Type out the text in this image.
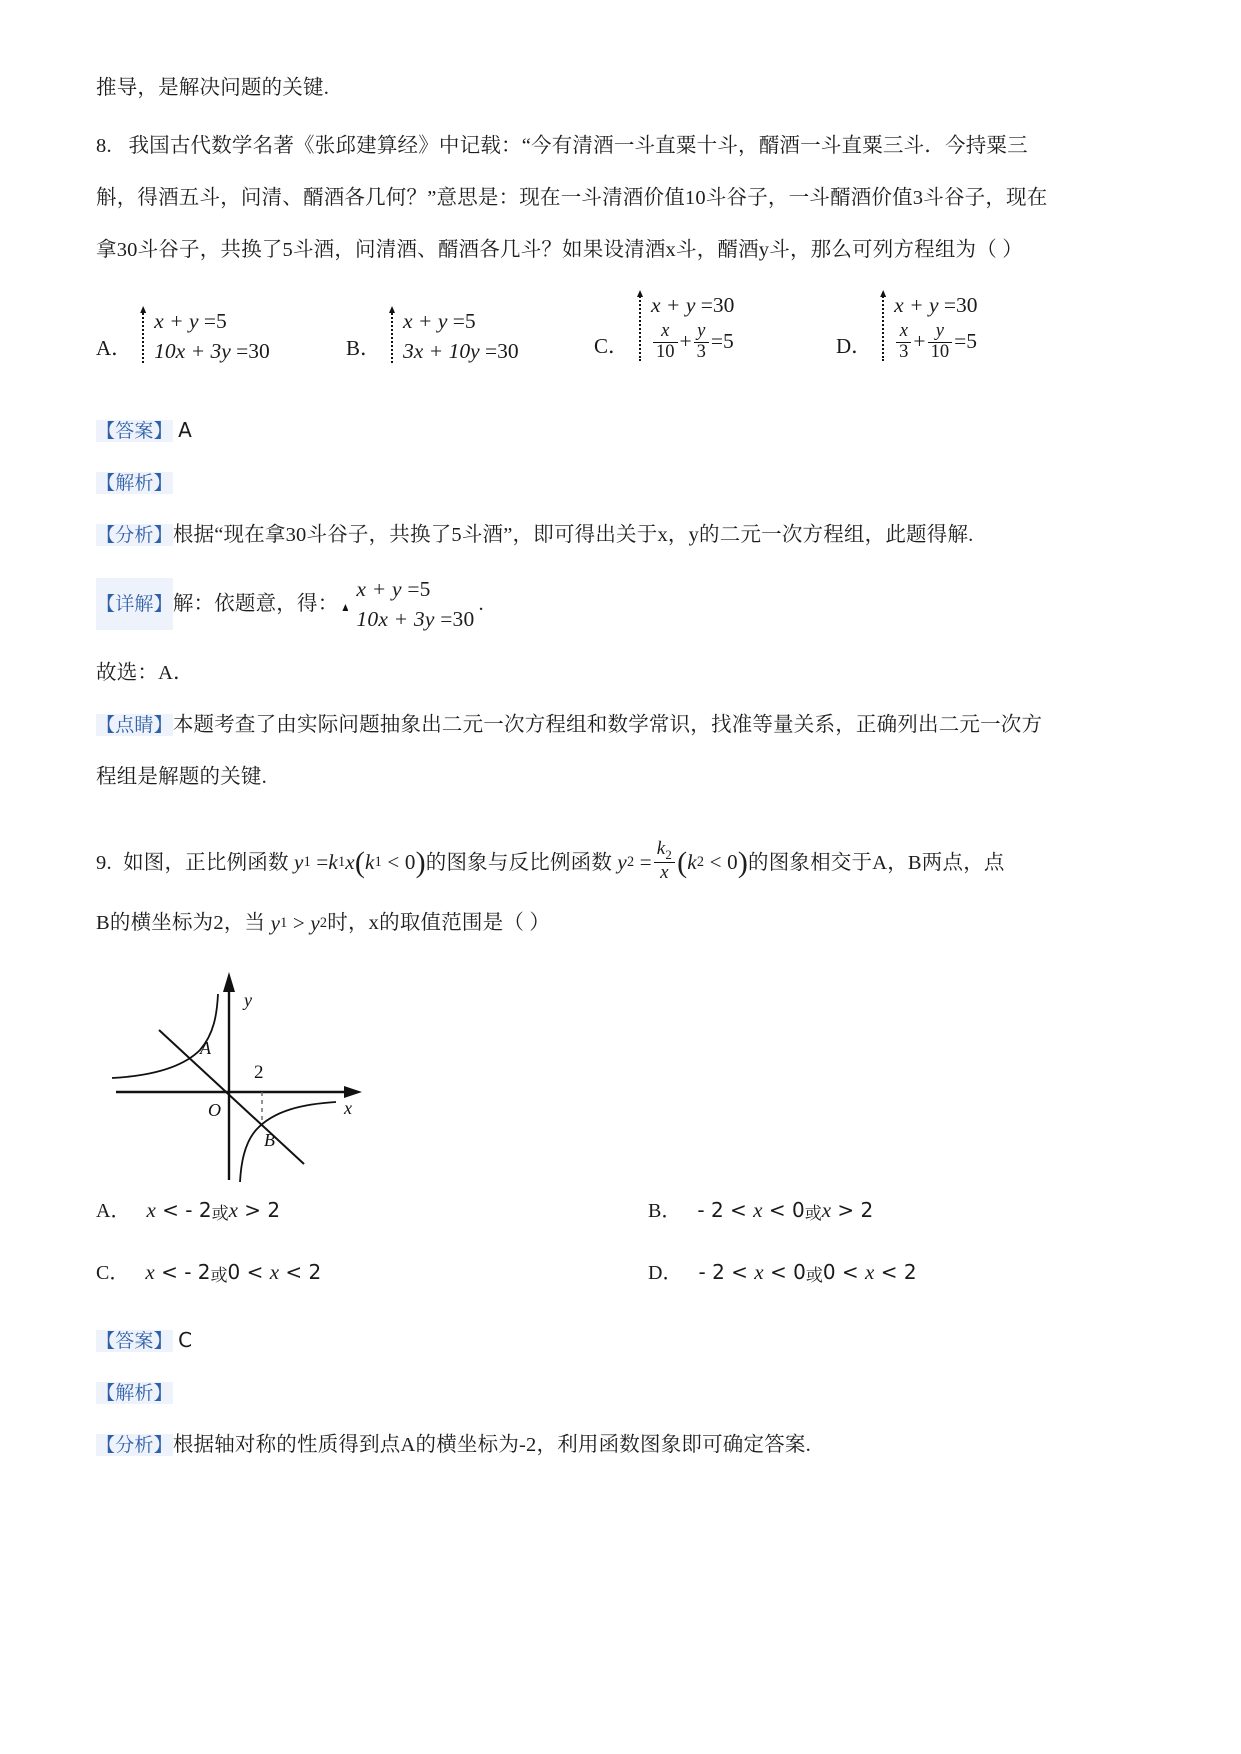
推导，是解决问题的关键.
8. 我国古代数学名著《张邱建算经》中记载：“今有清酒一斗直粟十斗，醑酒一斗直粟三斗．今持粟三
斛，得酒五斗，问清、醑酒各几何？”意思是：现在一斗清酒价值10斗谷子，一斗醑酒价值3斗谷子，现在
拿30斗谷子，共换了5斗酒，问清酒、醑酒各几斗？如果设清酒x斗，醑酒y斗，那么可列方程组为（ ）
A．
x + y =5
10x + 3y =30	B．
x + y =5
3x + 10y =30	C．
x + y =30
$\frac{x}{10} + \frac{y}{3} =5$	D．
x + y =30
$\frac{x}{3} + \frac{y}{10} =5$
【答案】 A
【解析】
【分析】根据“现在拿30斗谷子，共换了5斗酒”，即可得出关于x，y的二元一次方程组，此题得解.
【详解】 解：依题意，得：
x + y =5
10x + 3y =30
.
故选：A．
【点睛】本题考查了由实际问题抽象出二元一次方程组和数学常识，找准等量关系，正确列出二元一次方
程组是解题的关键.
9. 如图，正比例函数 y 1 = k 1 x ( k 1 < 0 ) 的图象与反比例函数 y $2 = \frac{k_2}{x}$ ( k 2 < 0 ) 的图象相交于A，B两点，点
B的横坐标为2，当 y 1 > y 2 时，x的取值范围是（ ）
x
y
O
A
B
2
A． x < - 2或x > 2	B． - 2 < x < 0或x > 2
C． x < - 2或0 < x < 2	D． - 2 < x < 0或0 < x < 2
【答案】 C
【解析】
【分析】根据轴对称的性质得到点A的横坐标为-2，利用函数图象即可确定答案.
